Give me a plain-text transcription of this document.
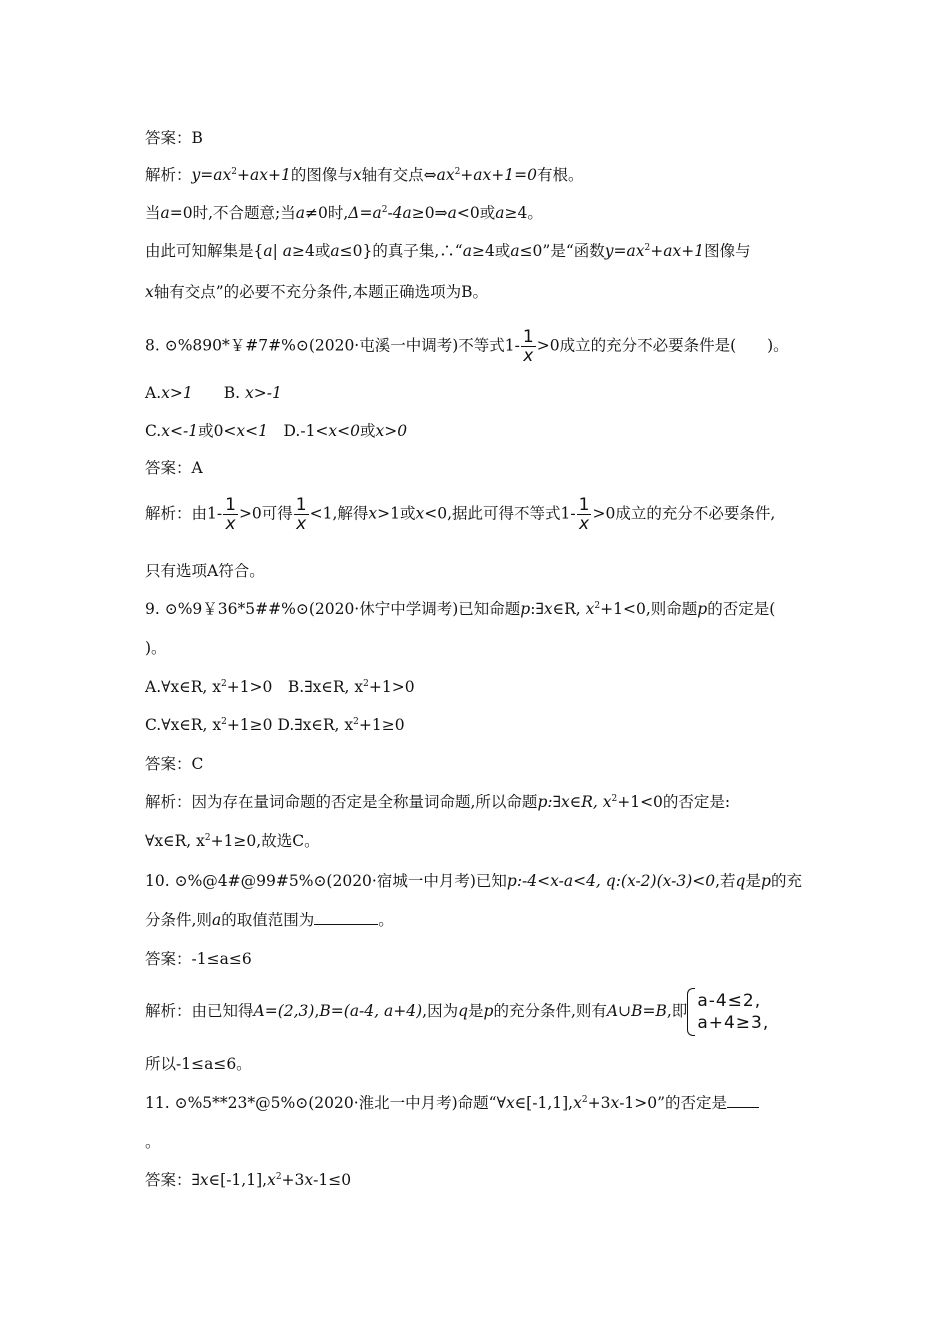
答案：B
解析：$y=ax^2+ax+1$的图像与x轴有交点$\Leftrightarrow ax^2+ax+1=0$有根。
当a=0时,不合题意;当a≠0时$,\Delta=a^2-4a\ge 0\Rightarrow a<0$或a≥4。
由此可知解集是{a| a≥4或a≤0}的真子集,∴“a≥4或a≤0”是“函数$y=ax^2+ax+1$图像与
x轴有交点”的必要不充分条件,本题正确选项为B。
8. ⊙%890*￥#7#%⊙(2020·屯溪一中调考)不等式$1- \frac{1}{x} >0$成立的充分不必要条件是(　　)。
A.x>1   B. x>-1
C.x<-1或0<x<1  D.-1<x<0或x>0
答案：A
解析：由$1- \frac{1}{x} >0$可得 $\frac{1}{x} <1$,解得x>1或x<0,据此可得不等式$1- \frac{1}{x} >0$成立的充分不必要条件,
只有选项A符合。
9. ⊙%9￥36*5##%⊙(2020·休宁中学调考)已知命题p:∃x∈R, $x^2+1<0$,则命题p的否定是(
)。
A.∀x∈R, $x^2+1>0$  B.∃x∈R, $x^2+1>0$
C.∀x∈R, $x^2+1\ge 0$ D.∃x∈R, $x^2+1\ge 0$
答案：C
解析：因为存在量词命题的否定是全称量词命题,所以命题p:∃x∈R, $x^2+1<0$的否定是:
∀x∈R, $x^2+1\ge 0$,故选C。
10. ⊙%@4#@99#5%⊙(2020·宿城一中月考)已知p:-4<x-a<4, q:(x-2)(x-3)<0,若q是p的充
分条件,则a的取值范围为	。
答案：-1≤a≤6
解析：由已知得A=(2,3),B=(a-4, a+4),因为q是p的充分条件,则有A∪B=B,即 a-4≤2,
a+4≥3,
所以-1≤a≤6。
11. ⊙%5**23*@5%⊙(2020·淮北一中月考)命题“$\forall x\in[-1,1],x^2+3x-1>0$”的否定是
。
答案：$\exists x\in[-1,1],x^2+3x-1\le 0$
